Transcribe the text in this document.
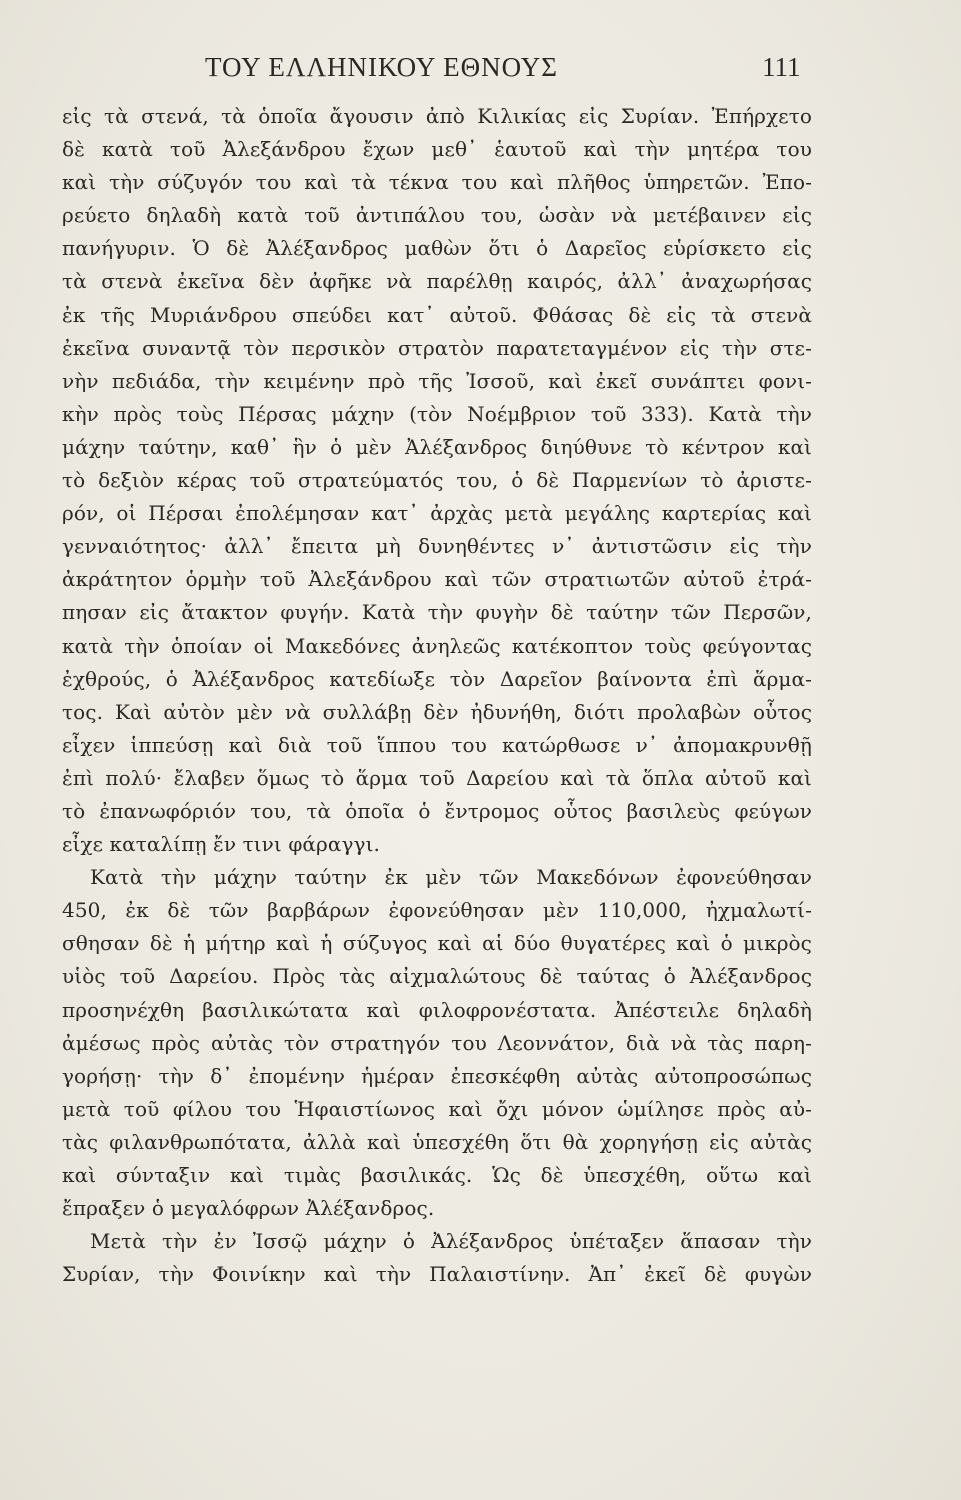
ΤΟΥ ΕΛΛΗΝΙΚΟΥ ΕΘΝΟΥΣ	111
εἰς τὰ στενά, τὰ ὁποῖα ἄγουσιν ἀπὸ Κιλικίας εἰς Συρίαν. Ἐπήρχετο
δὲ κατὰ τοῦ Ἀλεξάνδρου ἔχων μεθ᾽ ἑαυτοῦ καὶ τὴν μητέρα του
καὶ τὴν σύζυγόν του καὶ τὰ τέκνα του καὶ πλῆθος ὑπηρετῶν. Ἐπο-
ρεύετο δηλαδὴ κατὰ τοῦ ἀντιπάλου του, ὡσὰν νὰ μετέβαινεν εἰς
πανήγυριν. Ὁ δὲ Ἀλέξανδρος μαθὼν ὅτι ὁ Δαρεῖος εὑρίσκετο εἰς
τὰ στενὰ ἐκεῖνα δὲν ἀφῆκε νὰ παρέλθῃ καιρός, ἀλλ᾽ ἀναχωρήσας
ἐκ τῆς Μυριάνδρου σπεύδει κατ᾽ αὐτοῦ. Φθάσας δὲ εἰς τὰ στενὰ
ἐκεῖνα συναντᾷ τὸν περσικὸν στρατὸν παρατεταγμένον εἰς τὴν στε-
νὴν πεδιάδα, τὴν κειμένην πρὸ τῆς Ἰσσοῦ, καὶ ἐκεῖ συνάπτει φονι-
κὴν πρὸς τοὺς Πέρσας μάχην (τὸν Νοέμβριον τοῦ 333). Κατὰ τὴν
μάχην ταύτην, καθ᾽ ἣν ὁ μὲν Ἀλέξανδρος διηύθυνε τὸ κέντρον καὶ
τὸ δεξιὸν κέρας τοῦ στρατεύματός του, ὁ δὲ Παρμενίων τὸ ἀριστε-
ρόν, οἱ Πέρσαι ἐπολέμησαν κατ᾽ ἀρχὰς μετὰ μεγάλης καρτερίας καὶ
γενναιότητος· ἀλλ᾽ ἔπειτα μὴ δυνηθέντες ν᾽ ἀντιστῶσιν εἰς τὴν
ἀκράτητον ὁρμὴν τοῦ Ἀλεξάνδρου καὶ τῶν στρατιωτῶν αὐτοῦ ἐτρά-
πησαν εἰς ἄτακτον φυγήν. Κατὰ τὴν φυγὴν δὲ ταύτην τῶν Περσῶν,
κατὰ τὴν ὁποίαν οἱ Μακεδόνες ἀνηλεῶς κατέκοπτον τοὺς φεύγοντας
ἐχθρούς, ὁ Ἀλέξανδρος κατεδίωξε τὸν Δαρεῖον βαίνοντα ἐπὶ ἅρμα-
τος. Καὶ αὐτὸν μὲν νὰ συλλάβῃ δὲν ἠδυνήθη, διότι προλαβὼν οὗτος
εἶχεν ἱππεύσῃ καὶ διὰ τοῦ ἵππου του κατώρθωσε ν᾽ ἀπομακρυνθῇ
ἐπὶ πολύ· ἔλαβεν ὅμως τὸ ἅρμα τοῦ Δαρείου καὶ τὰ ὅπλα αὐτοῦ καὶ
τὸ ἐπανωφόριόν του, τὰ ὁποῖα ὁ ἔντρομος οὗτος βασιλεὺς φεύγων
εἶχε καταλίπῃ ἔν τινι φάραγγι.
Κατὰ τὴν μάχην ταύτην ἐκ μὲν τῶν Μακεδόνων ἐφονεύθησαν
450, ἐκ δὲ τῶν βαρβάρων ἐφονεύθησαν μὲν 110,000, ἠχμαλωτί-
σθησαν δὲ ἡ μήτηρ καὶ ἡ σύζυγος καὶ αἱ δύο θυγατέρες καὶ ὁ μικρὸς
υἱὸς τοῦ Δαρείου. Πρὸς τὰς αἰχμαλώτους δὲ ταύτας ὁ Ἀλέξανδρος
προσηνέχθη βασιλικώτατα καὶ φιλοφρονέστατα. Ἀπέστειλε δηλαδὴ
ἀμέσως πρὸς αὐτὰς τὸν στρατηγόν του Λεοννάτον, διὰ νὰ τὰς παρη-
γορήσῃ· τὴν δ᾽ ἐπομένην ἡμέραν ἐπεσκέφθη αὐτὰς αὐτοπροσώπως
μετὰ τοῦ φίλου του Ἡφαιστίωνος καὶ ὄχι μόνον ὡμίλησε πρὸς αὐ-
τὰς φιλανθρωπότατα, ἀλλὰ καὶ ὑπεσχέθη ὅτι θὰ χορηγήσῃ εἰς αὐτὰς
καὶ σύνταξιν καὶ τιμὰς βασιλικάς. Ὡς δὲ ὑπεσχέθη, οὕτω καὶ
ἔπραξεν ὁ μεγαλόφρων Ἀλέξανδρος.
Μετὰ τὴν ἐν Ἰσσῷ μάχην ὁ Ἀλέξανδρος ὑπέταξεν ἅπασαν τὴν
Συρίαν, τὴν Φοινίκην καὶ τὴν Παλαιστίνην. Ἀπ᾽ ἐκεῖ δὲ φυγὼν
